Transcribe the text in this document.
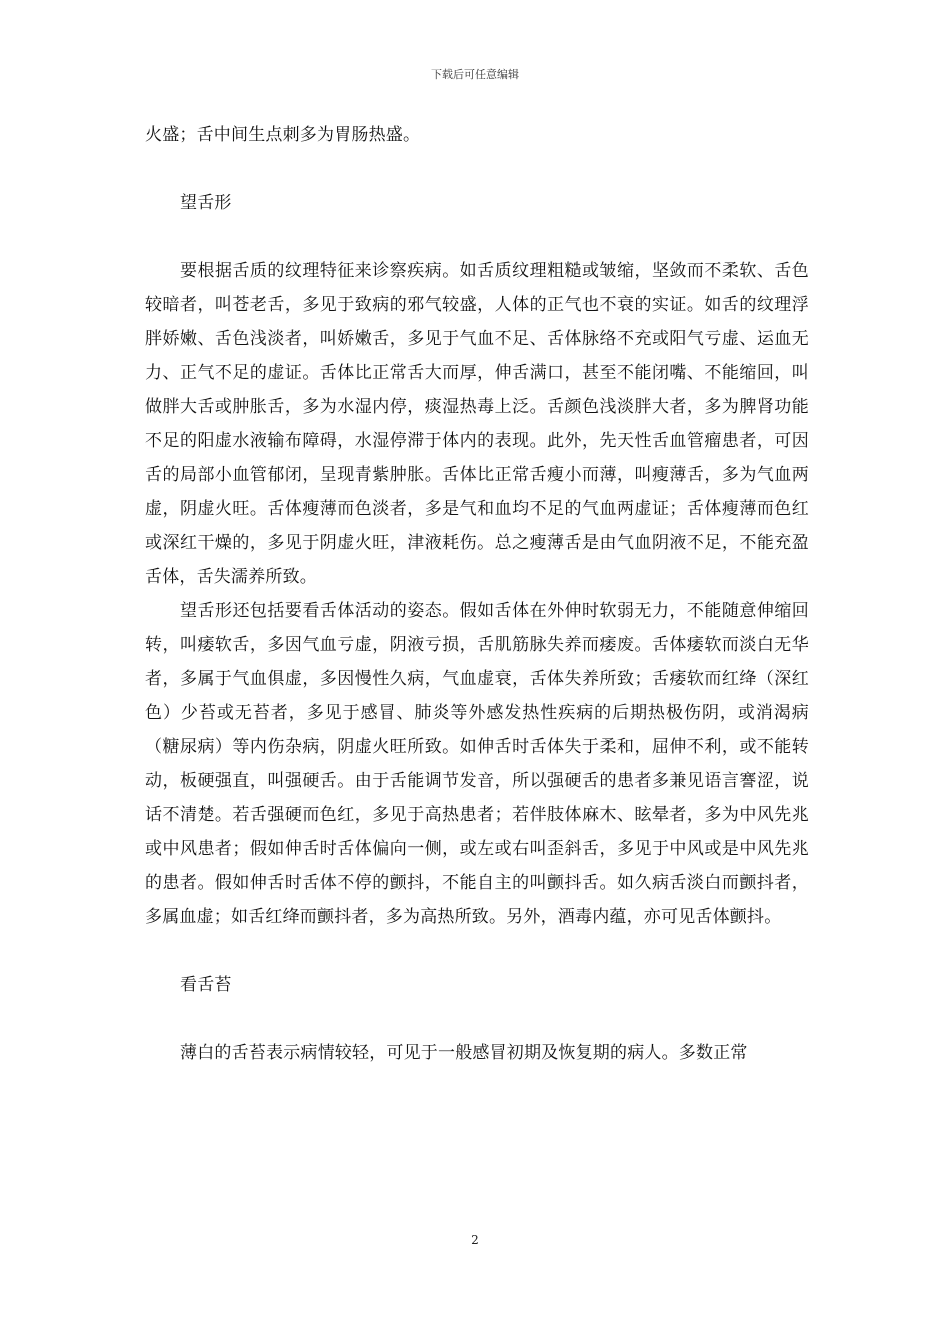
下载后可任意编辑

火盛；舌中间生点刺多为胃肠热盛。

望舌形

要根据舌质的纹理特征来诊察疾病。如舌质纹理粗糙或皱缩，坚敛而不柔软、舌色较暗者，叫苍老舌，多见于致病的邪气较盛，人体的正气也不衰的实证。如舌的纹理浮胖娇嫩、舌色浅淡者，叫娇嫩舌，多见于气血不足、舌体脉络不充或阳气亏虚、运血无力、正气不足的虚证。舌体比正常舌大而厚，伸舌满口，甚至不能闭嘴、不能缩回，叫做胖大舌或肿胀舌，多为水湿内停，痰湿热毒上泛。舌颜色浅淡胖大者，多为脾肾功能不足的阳虚水液输布障碍，水湿停滞于体内的表现。此外，先天性舌血管瘤患者，可因舌的局部小血管郁闭，呈现青紫肿胀。舌体比正常舌瘦小而薄，叫瘦薄舌，多为气血两虚，阴虚火旺。舌体瘦薄而色淡者，多是气和血均不足的气血两虚证；舌体瘦薄而色红或深红干燥的，多见于阴虚火旺，津液耗伤。总之瘦薄舌是由气血阴液不足，不能充盈舌体，舌失濡养所致。

望舌形还包括要看舌体活动的姿态。假如舌体在外伸时软弱无力，不能随意伸缩回转，叫痿软舌，多因气血亏虚，阴液亏损，舌肌筋脉失养而痿废。舌体痿软而淡白无华者，多属于气血俱虚，多因慢性久病，气血虚衰，舌体失养所致；舌痿软而红绛（深红色）少苔或无苔者，多见于感冒、肺炎等外感发热性疾病的后期热极伤阴，或消渴病（糖尿病）等内伤杂病，阴虚火旺所致。如伸舌时舌体失于柔和，屈伸不利，或不能转动，板硬强直，叫强硬舌。由于舌能调节发音，所以强硬舌的患者多兼见语言謇涩，说话不清楚。若舌强硬而色红，多见于高热患者；若伴肢体麻木、眩晕者，多为中风先兆或中风患者；假如伸舌时舌体偏向一侧，或左或右叫歪斜舌，多见于中风或是中风先兆的患者。假如伸舌时舌体不停的颤抖，不能自主的叫颤抖舌。如久病舌淡白而颤抖者，多属血虚；如舌红绛而颤抖者，多为高热所致。另外，酒毒内蕴，亦可见舌体颤抖。

看舌苔

薄白的舌苔表示病情较轻，可见于一般感冒初期及恢复期的病人。多数正常

2
